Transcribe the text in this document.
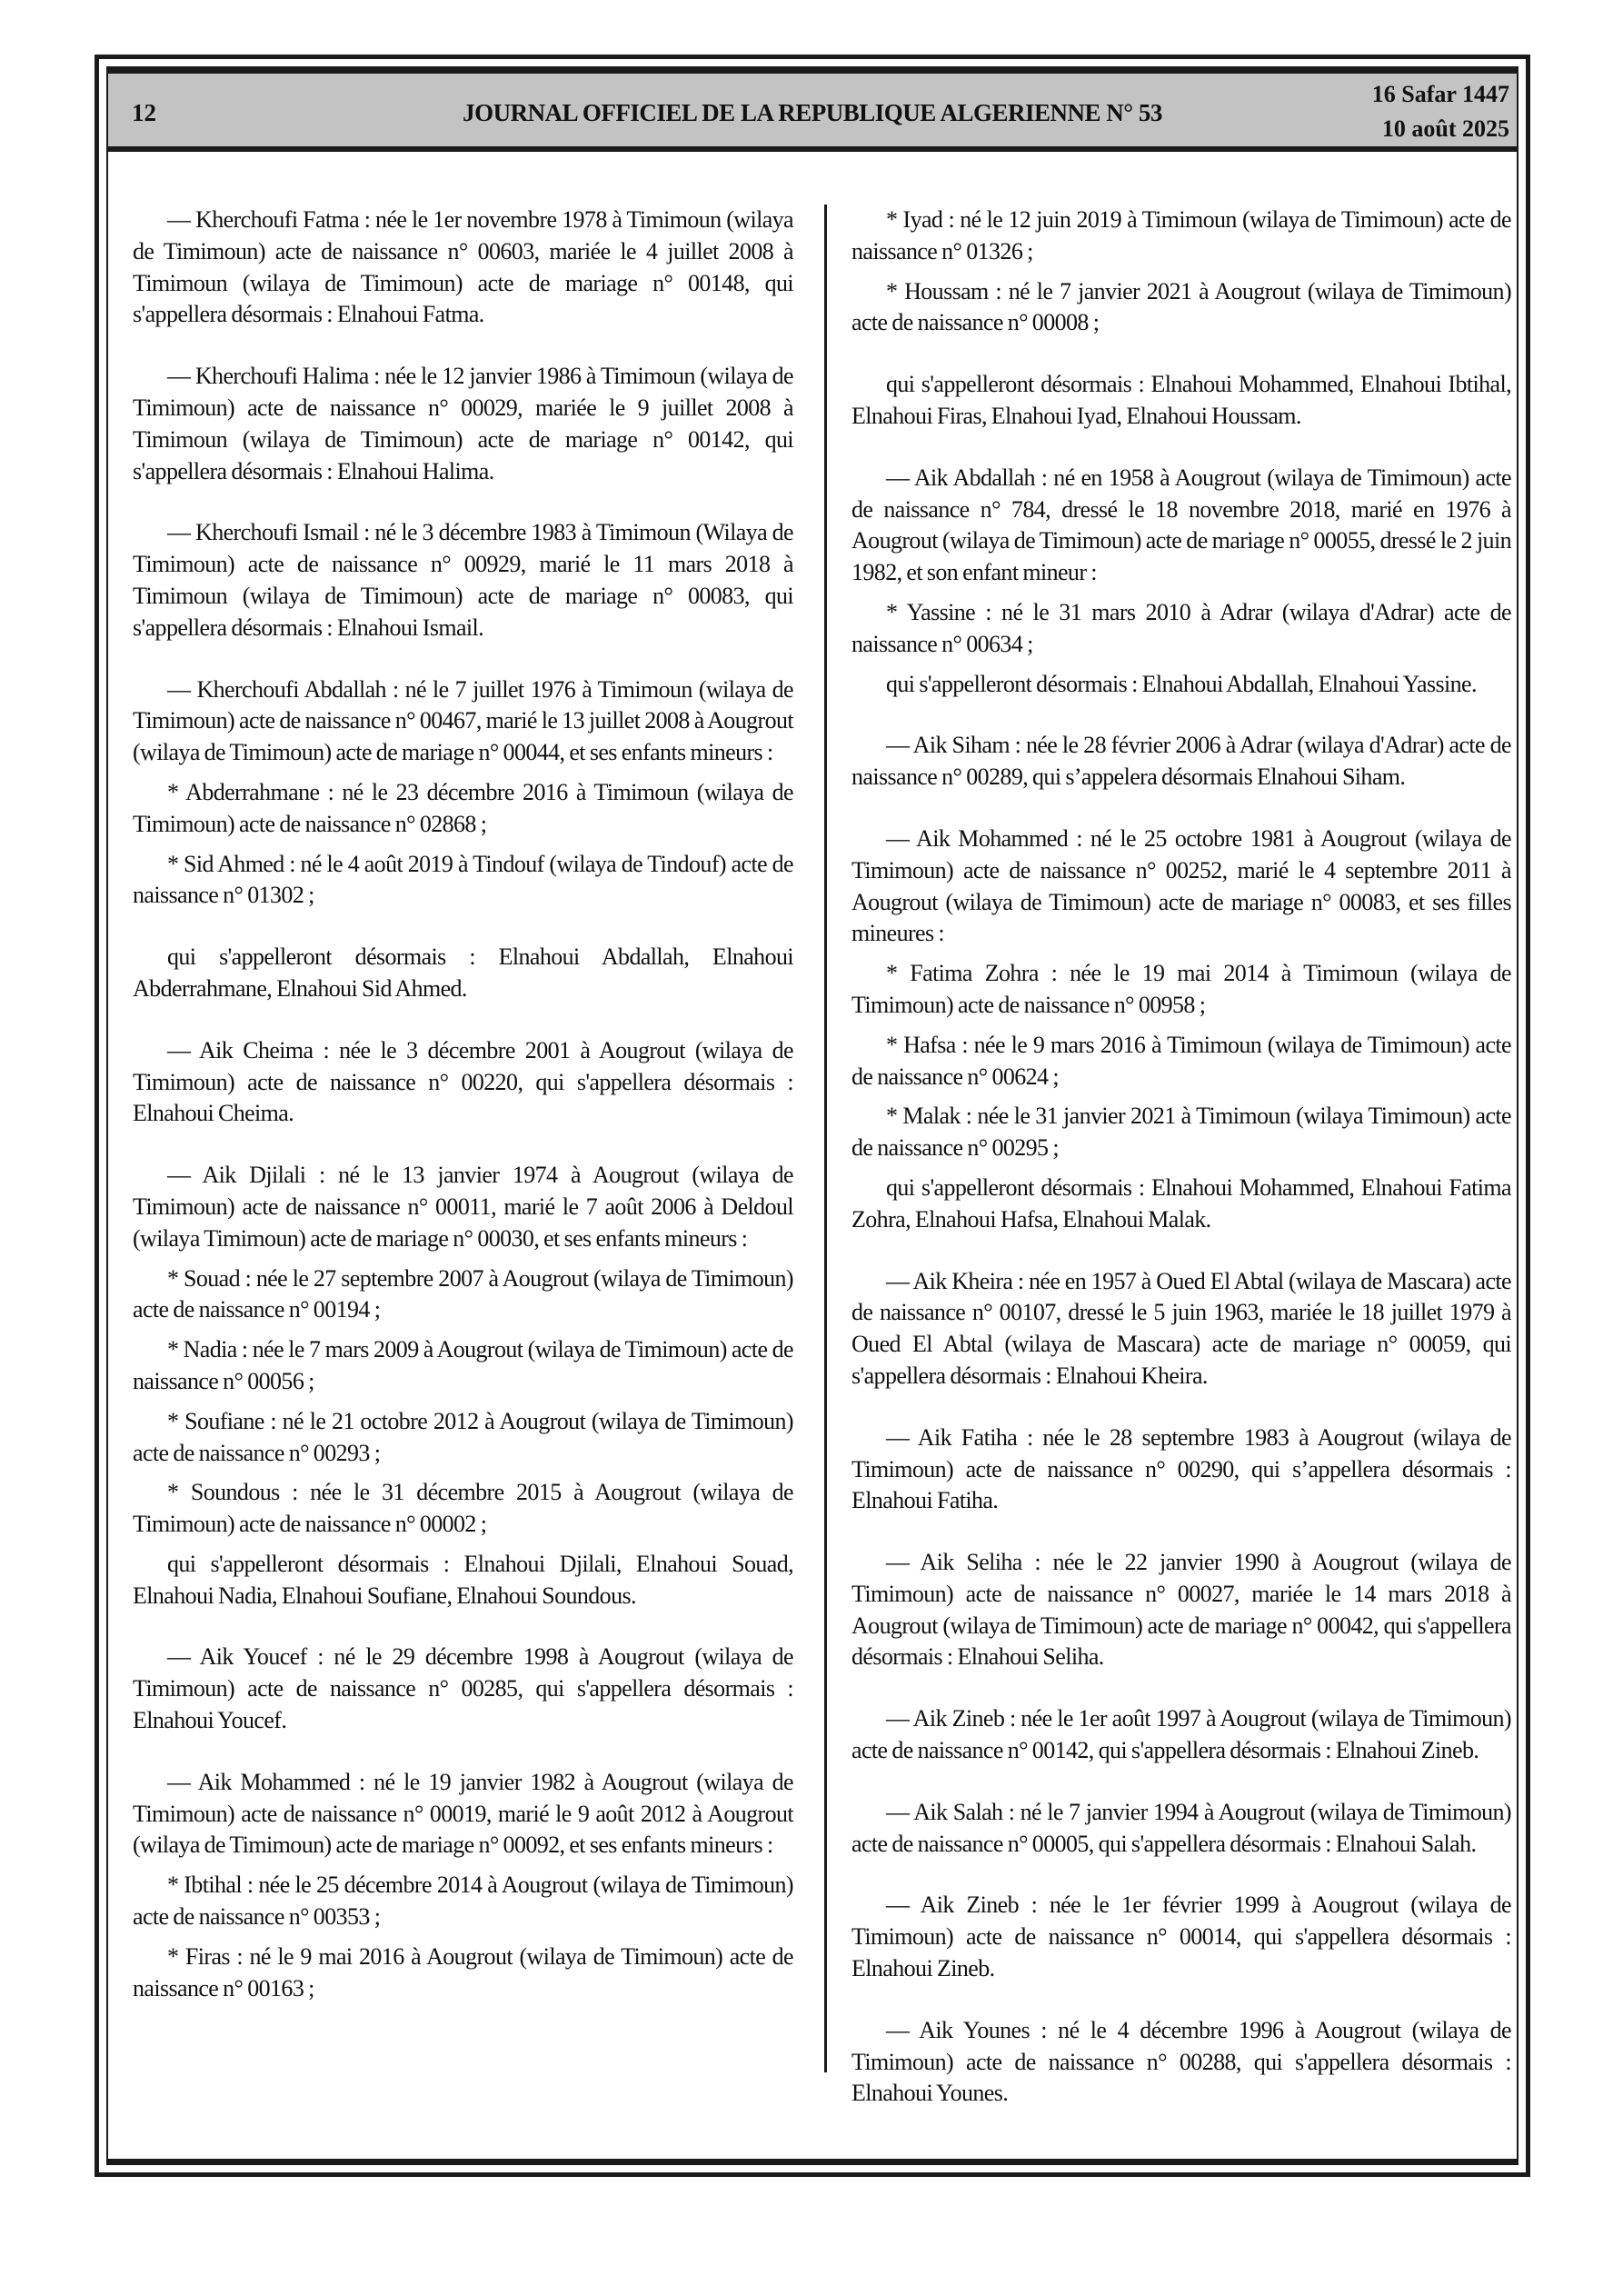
12	JOURNAL OFFICIEL DE LA REPUBLIQUE ALGERIENNE N° 53
16 Safar 1447
10 août 2025

— Kherchoufi Fatma : née le 1er novembre 1978 à Timimoun (wilaya de Timimoun) acte de naissance n° 00603, mariée le 4 juillet 2008 à Timimoun (wilaya de Timimoun) acte de mariage n° 00148, qui s'appellera désormais : Elnahoui Fatma.

— Kherchoufi Halima : née le 12 janvier 1986 à Timimoun (wilaya de Timimoun) acte de naissance n° 00029, mariée le 9 juillet 2008 à Timimoun (wilaya de Timimoun) acte de mariage n° 00142, qui s'appellera désormais : Elnahoui Halima.

— Kherchoufi Ismail : né le 3 décembre 1983 à Timimoun (Wilaya de Timimoun) acte de naissance n° 00929, marié le 11 mars 2018 à Timimoun (wilaya de Timimoun) acte de mariage n° 00083, qui s'appellera désormais : Elnahoui Ismail.

— Kherchoufi Abdallah : né le 7 juillet 1976 à Timimoun (wilaya de Timimoun) acte de naissance n° 00467, marié le 13 juillet 2008 à Aougrout (wilaya de Timimoun) acte de mariage n° 00044, et ses enfants mineurs :

* Abderrahmane : né le 23 décembre 2016 à Timimoun (wilaya de Timimoun) acte de naissance n° 02868 ;

* Sid Ahmed : né le 4 août 2019 à Tindouf (wilaya de Tindouf) acte de naissance n° 01302 ;

qui s'appelleront désormais : Elnahoui Abdallah, Elnahoui Abderrahmane, Elnahoui Sid Ahmed.

— Aik Cheima : née le 3 décembre 2001 à Aougrout (wilaya de Timimoun) acte de naissance n° 00220, qui s'appellera désormais : Elnahoui Cheima.

— Aik Djilali : né le 13 janvier 1974 à Aougrout (wilaya de Timimoun) acte de naissance n° 00011, marié le 7 août 2006 à Deldoul (wilaya Timimoun) acte de mariage n° 00030, et ses enfants mineurs :

* Souad : née le 27 septembre 2007 à Aougrout (wilaya de Timimoun) acte de naissance n° 00194 ;

* Nadia : née le 7 mars 2009 à Aougrout (wilaya de Timimoun) acte de naissance n° 00056 ;

* Soufiane : né le 21 octobre 2012 à Aougrout (wilaya de Timimoun) acte de naissance n° 00293 ;

* Soundous : née le 31 décembre 2015 à Aougrout (wilaya de Timimoun) acte de naissance n° 00002 ;

qui s'appelleront désormais : Elnahoui Djilali, Elnahoui Souad, Elnahoui Nadia, Elnahoui Soufiane, Elnahoui Soundous.

— Aik Youcef : né le 29 décembre 1998 à Aougrout (wilaya de Timimoun) acte de naissance n° 00285, qui s'appellera désormais : Elnahoui Youcef.

— Aik Mohammed : né le 19 janvier 1982 à Aougrout (wilaya de Timimoun) acte de naissance n° 00019, marié le 9 août 2012 à Aougrout (wilaya de Timimoun) acte de mariage n° 00092, et ses enfants mineurs :

* Ibtihal : née le 25 décembre 2014 à Aougrout (wilaya de Timimoun) acte de naissance n° 00353 ;

* Firas : né le 9 mai 2016 à Aougrout (wilaya de Timimoun) acte de naissance n° 00163 ;

* Iyad : né le 12 juin 2019 à Timimoun (wilaya de Timimoun) acte de naissance n° 01326 ;

* Houssam : né le 7 janvier 2021 à Aougrout (wilaya de Timimoun) acte de naissance n° 00008 ;

qui s'appelleront désormais : Elnahoui Mohammed, Elnahoui Ibtihal, Elnahoui Firas, Elnahoui Iyad, Elnahoui Houssam.

— Aik Abdallah : né en 1958 à Aougrout (wilaya de Timimoun) acte de naissance n° 784, dressé le 18 novembre 2018, marié en 1976 à Aougrout (wilaya de Timimoun) acte de mariage n° 00055, dressé le 2 juin 1982, et son enfant mineur :

* Yassine : né le 31 mars 2010 à Adrar (wilaya d'Adrar) acte de naissance n° 00634 ;

qui s'appelleront désormais : Elnahoui Abdallah, Elnahoui Yassine.

— Aik Siham : née le 28 février 2006 à Adrar (wilaya d'Adrar) acte de naissance n° 00289, qui s’appelera désormais Elnahoui Siham.

— Aik Mohammed : né le 25 octobre 1981 à Aougrout (wilaya de Timimoun) acte de naissance n° 00252, marié le 4 septembre 2011 à Aougrout (wilaya de Timimoun) acte de mariage n° 00083, et ses filles mineures :

* Fatima Zohra : née le 19 mai 2014 à Timimoun (wilaya de Timimoun) acte de naissance n° 00958 ;

* Hafsa : née le 9 mars 2016 à Timimoun (wilaya de Timimoun) acte de naissance n° 00624 ;

* Malak : née le 31 janvier 2021 à Timimoun (wilaya Timimoun) acte de naissance n° 00295 ;

qui s'appelleront désormais : Elnahoui Mohammed, Elnahoui Fatima Zohra, Elnahoui Hafsa, Elnahoui Malak.

— Aik Kheira : née en 1957 à Oued El Abtal (wilaya de Mascara) acte de naissance n° 00107, dressé le 5 juin 1963, mariée le 18 juillet 1979 à Oued El Abtal (wilaya de Mascara) acte de mariage n° 00059, qui s'appellera désormais : Elnahoui Kheira.

— Aik Fatiha : née le 28 septembre 1983 à Aougrout (wilaya de Timimoun) acte de naissance n° 00290, qui s’appellera désormais : Elnahoui Fatiha.

— Aik Seliha : née le 22 janvier 1990 à Aougrout (wilaya de Timimoun) acte de naissance n° 00027, mariée le 14 mars 2018 à Aougrout (wilaya de Timimoun) acte de mariage n° 00042, qui s'appellera désormais : Elnahoui Seliha.

— Aik Zineb : née le 1er août 1997 à Aougrout (wilaya de Timimoun) acte de naissance n° 00142, qui s'appellera désormais : Elnahoui Zineb.

— Aik Salah : né le 7 janvier 1994 à Aougrout (wilaya de Timimoun) acte de naissance n° 00005, qui s'appellera désormais : Elnahoui Salah.

— Aik Zineb : née le 1er février 1999 à Aougrout (wilaya de Timimoun) acte de naissance n° 00014, qui s'appellera désormais : Elnahoui Zineb.

— Aik Younes : né le 4 décembre 1996 à Aougrout (wilaya de Timimoun) acte de naissance n° 00288, qui s'appellera désormais : Elnahoui Younes.
